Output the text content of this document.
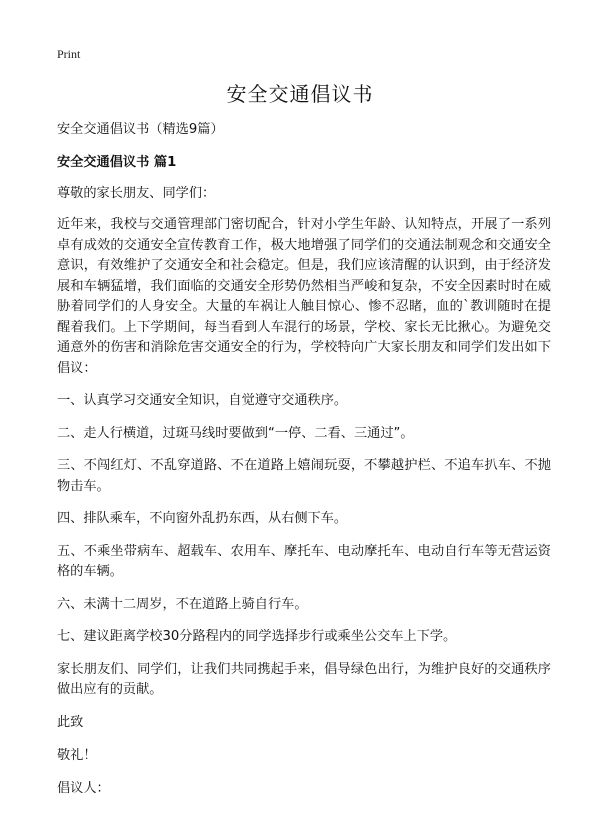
Print
安全交通倡议书

安全交通倡议书（精选9篇）

安全交通倡议书 篇1

尊敬的家长朋友、同学们：

近年来，我校与交通管理部门密切配合，针对小学生年龄、认知特点，开展了一系列卓有成效的交通安全宣传教育工作，极大地增强了同学们的交通法制观念和交通安全意识，有效维护了交通安全和社会稳定。但是，我们应该清醒的认识到，由于经济发展和车辆猛增，我们面临的交通安全形势仍然相当严峻和复杂，不安全因素时时在威胁着同学们的人身安全。大量的车祸让人触目惊心、惨不忍睹，血的`教训随时在提醒着我们。上下学期间，每当看到人车混行的场景，学校、家长无比揪心。为避免交通意外的伤害和消除危害交通安全的行为，学校特向广大家长朋友和同学们发出如下倡议：

一、认真学习交通安全知识，自觉遵守交通秩序。

二、走人行横道，过斑马线时要做到“一停、二看、三通过”。

三、不闯红灯、不乱穿道路、不在道路上嬉闹玩耍，不攀越护栏、不追车扒车、不抛物击车。

四、排队乘车，不向窗外乱扔东西，从右侧下车。

五、不乘坐带病车、超载车、农用车、摩托车、电动摩托车、电动自行车等无营运资格的车辆。

六、未满十二周岁，不在道路上骑自行车。

七、建议距离学校30分路程内的同学选择步行或乘坐公交车上下学。

家长朋友们、同学们，让我们共同携起手来，倡导绿色出行，为维护良好的交通秩序做出应有的贡献。

此致

敬礼！

倡议人：
